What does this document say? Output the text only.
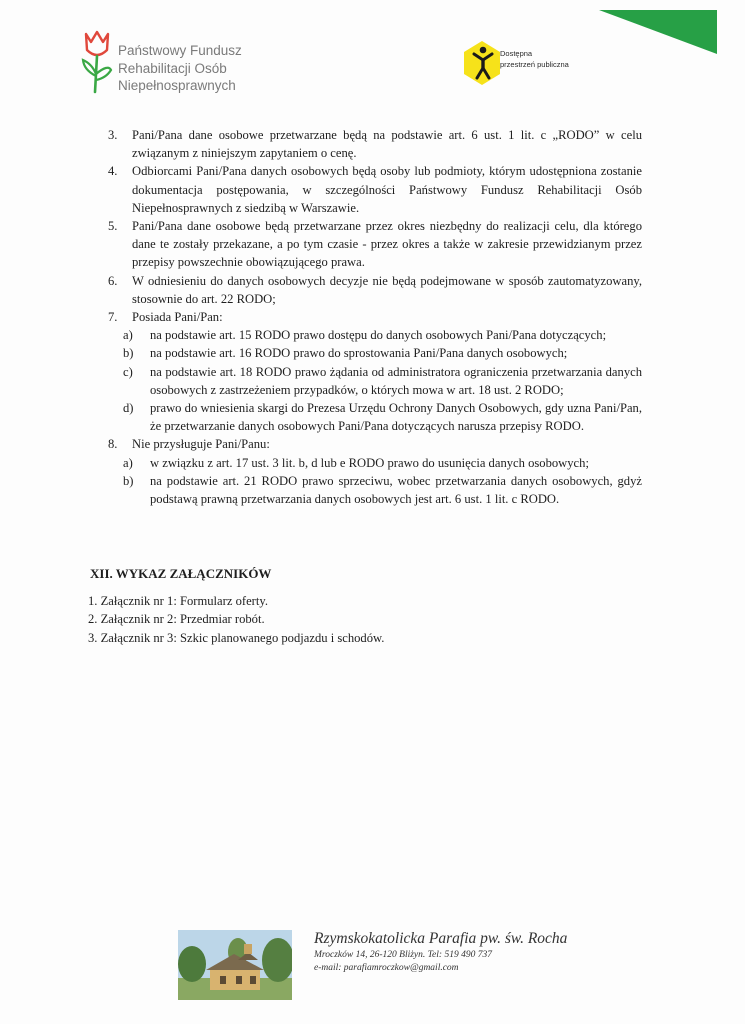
Państwowy Fundusz
Rehabilitacji Osób
Niepełnosprawnych
Dostępna
przestrzeń publiczna
3. Pani/Pana dane osobowe przetwarzane będą na podstawie art. 6 ust. 1 lit. c „RODO” w celu związanym z niniejszym zapytaniem o cenę.
4. Odbiorcami Pani/Pana danych osobowych będą osoby lub podmioty, którym udostępniona zostanie dokumentacja postępowania, w szczególności Państwowy Fundusz Rehabilitacji Osób Niepełnosprawnych z siedzibą w Warszawie.
5. Pani/Pana dane osobowe będą przetwarzane przez okres niezbędny do realizacji celu, dla którego dane te zostały przekazane, a po tym czasie - przez okres a także w zakresie przewidzianym przez przepisy powszechnie obowiązującego prawa.
6. W odniesieniu do danych osobowych decyzje nie będą podejmowane w sposób zautomatyzowany, stosownie do art. 22 RODO;
7. Posiada Pani/Pan:
a) na podstawie art. 15 RODO prawo dostępu do danych osobowych Pani/Pana dotyczących;
b) na podstawie art. 16 RODO prawo do sprostowania Pani/Pana danych osobowych;
c) na podstawie art. 18 RODO prawo żądania od administratora ograniczenia przetwarzania danych osobowych z zastrzeżeniem przypadków, o których mowa w art. 18 ust. 2 RODO;
d) prawo do wniesienia skargi do Prezesa Urzędu Ochrony Danych Osobowych, gdy uzna Pani/Pan, że przetwarzanie danych osobowych Pani/Pana dotyczących narusza przepisy RODO.
8. Nie przysługuje Pani/Panu:
a) w związku z art. 17 ust. 3 lit. b, d lub e RODO prawo do usunięcia danych osobowych;
b) na podstawie art. 21 RODO prawo sprzeciwu, wobec przetwarzania danych osobowych, gdyż podstawą prawną przetwarzania danych osobowych jest art. 6 ust. 1 lit. c RODO.
XII. WYKAZ ZAŁĄCZNIKÓW
1. Załącznik nr 1: Formularz oferty.
2. Załącznik nr 2: Przedmiar robót.
3. Załącznik nr 3: Szkic planowanego podjazdu i schodów.
Rzymskokatolicka Parafia pw. św. Rocha
Mroczków 14, 26-120 Bliżyn. Tel: 519 490 737
e-mail: parafiamroczkow@gmail.com
